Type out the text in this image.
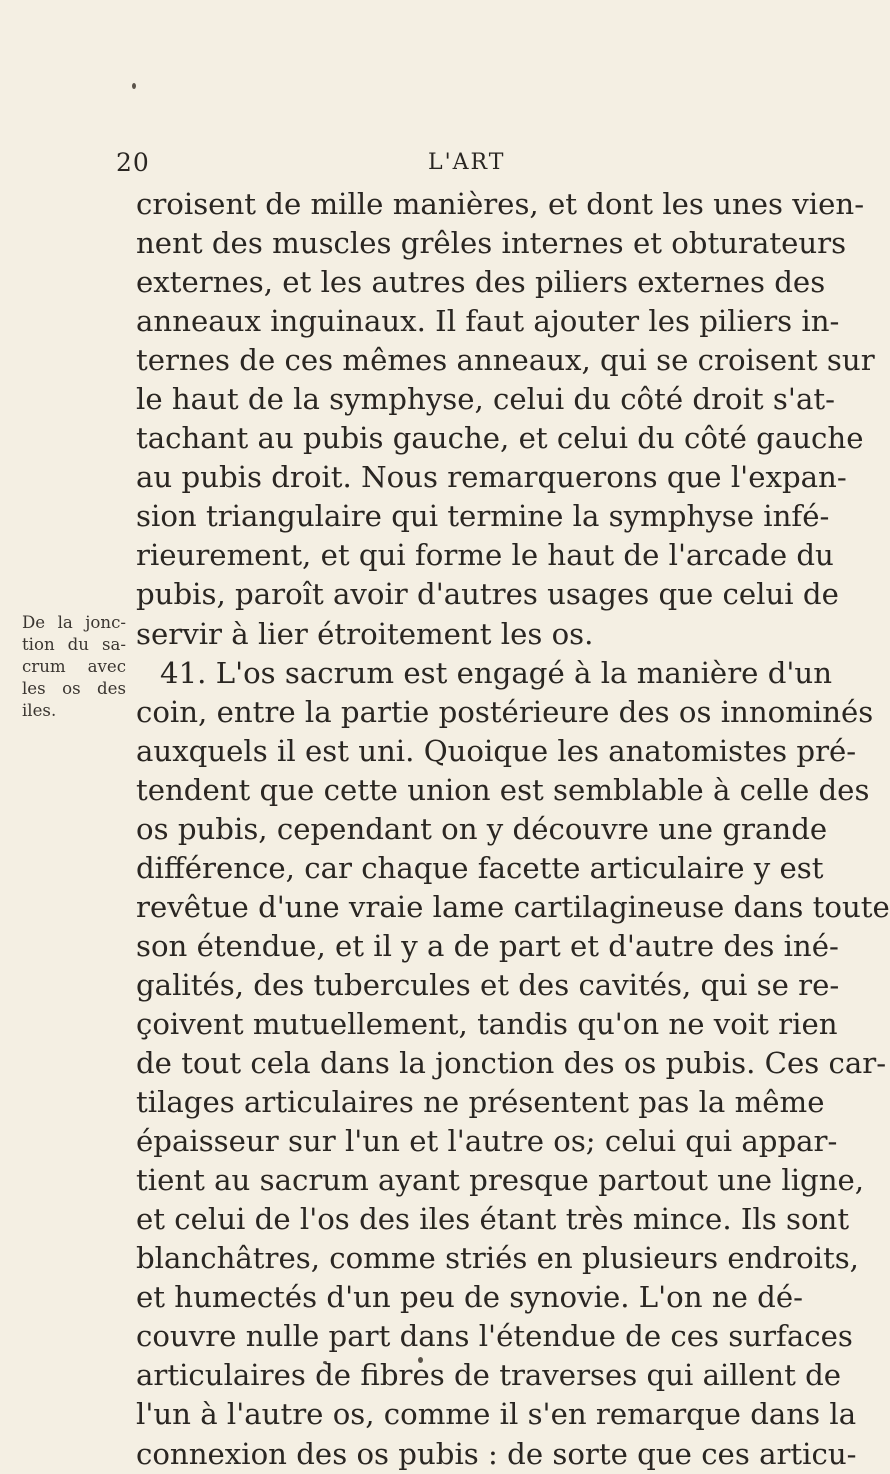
20	L'ART
De la jonc-
tion du sa-
crum avec
les os des
iles.
croisent de mille manières, et dont les unes vien-
nent des muscles grêles internes et obturateurs
externes, et les autres des piliers externes des
anneaux inguinaux. Il faut ajouter les piliers in-
ternes de ces mêmes anneaux, qui se croisent sur
le haut de la symphyse, celui du côté droit s'at-
tachant au pubis gauche, et celui du côté gauche
au pubis droit. Nous remarquerons que l'expan-
sion triangulaire qui termine la symphyse infé-
rieurement, et qui forme le haut de l'arcade du
pubis, paroît avoir d'autres usages que celui de
servir à lier étroitement les os.
41. L'os sacrum est engagé à la manière d'un
coin, entre la partie postérieure des os innominés
auxquels il est uni. Quoique les anatomistes pré-
tendent que cette union est semblable à celle des
os pubis, cependant on y découvre une grande
différence, car chaque facette articulaire y est
revêtue d'une vraie lame cartilagineuse dans toute
son étendue, et il y a de part et d'autre des iné-
galités, des tubercules et des cavités, qui se re-
çoivent mutuellement, tandis qu'on ne voit rien
de tout cela dans la jonction des os pubis. Ces car-
tilages articulaires ne présentent pas la même
épaisseur sur l'un et l'autre os; celui qui appar-
tient au sacrum ayant presque partout une ligne,
et celui de l'os des iles étant très mince. Ils sont
blanchâtres, comme striés en plusieurs endroits,
et humectés d'un peu de synovie. L'on ne dé-
couvre nulle part dans l'étendue de ces surfaces
articulaires de fibres de traverses qui aillent de
l'un à l'autre os, comme il s'en remarque dans la
connexion des os pubis : de sorte que ces articu-
